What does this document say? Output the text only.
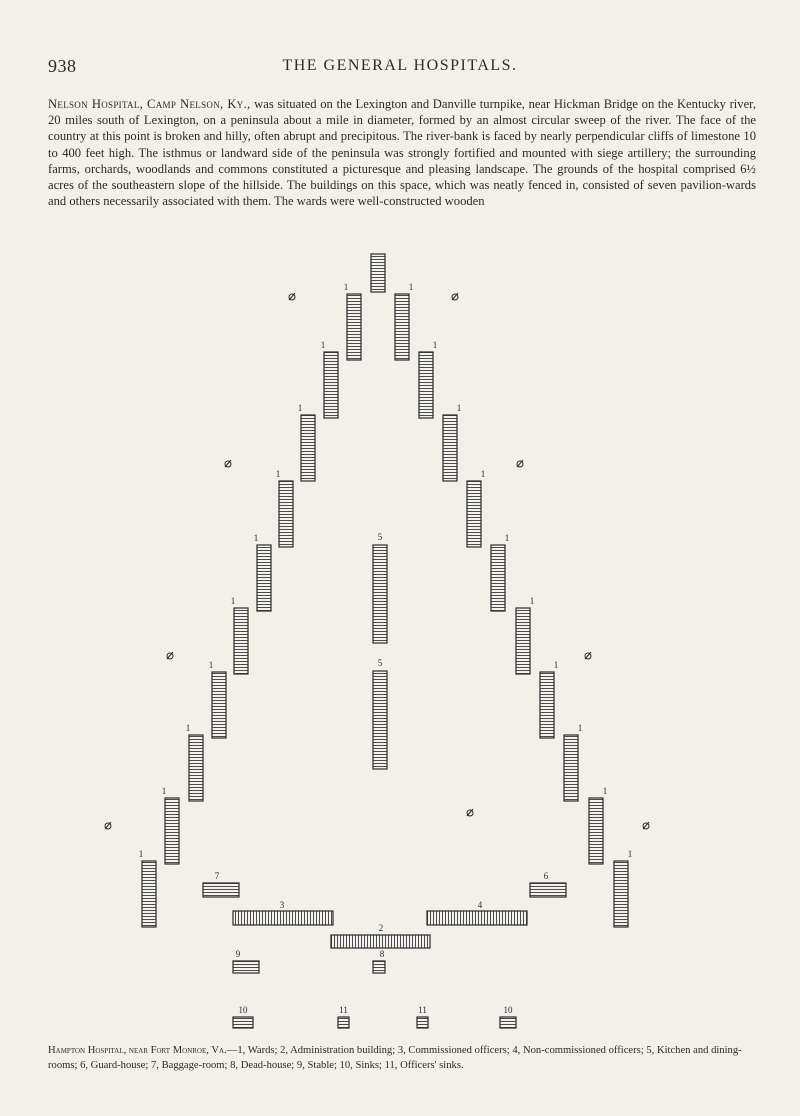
938	THE GENERAL HOSPITALS.

Nelson Hospital, Camp Nelson, Ky., was situated on the Lexington and Danville turnpike, near Hickman Bridge on the Kentucky river, 20 miles south of Lexington, on a peninsula about a mile in diameter, formed by an almost circular sweep of the river. The face of the country at this point is broken and hilly, often abrupt and precipitous. The river-bank is faced by nearly perpendicular cliffs of limestone 10 to 400 feet high. The isthmus or landward side of the peninsula was strongly fortified and mounted with siege artillery; the surrounding farms, orchards, woodlands and commons constituted a picturesque and pleasing landscape. The grounds of the hospital comprised 6½ acres of the southeastern slope of the hillside. The buildings on this space, which was neatly fenced in, consisted of seven pavilion-wards and others necessarily associated with them. The wards were well-constructed wooden

1
1
1
1
1
1
1
1
1
1
1
1
1
1
1
1
1
1
1
1
5
5
6
7
3	4
2
9	8
10	11	11	10

Hampton Hospital, near Fort Monroe, Va.—1, Wards; 2, Administration building; 3, Commissioned officers; 4, Non-commissioned officers; 5, Kitchen and dining-rooms; 6, Guard-house; 7, Baggage-room; 8, Dead-house; 9, Stable; 10, Sinks; 11, Officers' sinks.
